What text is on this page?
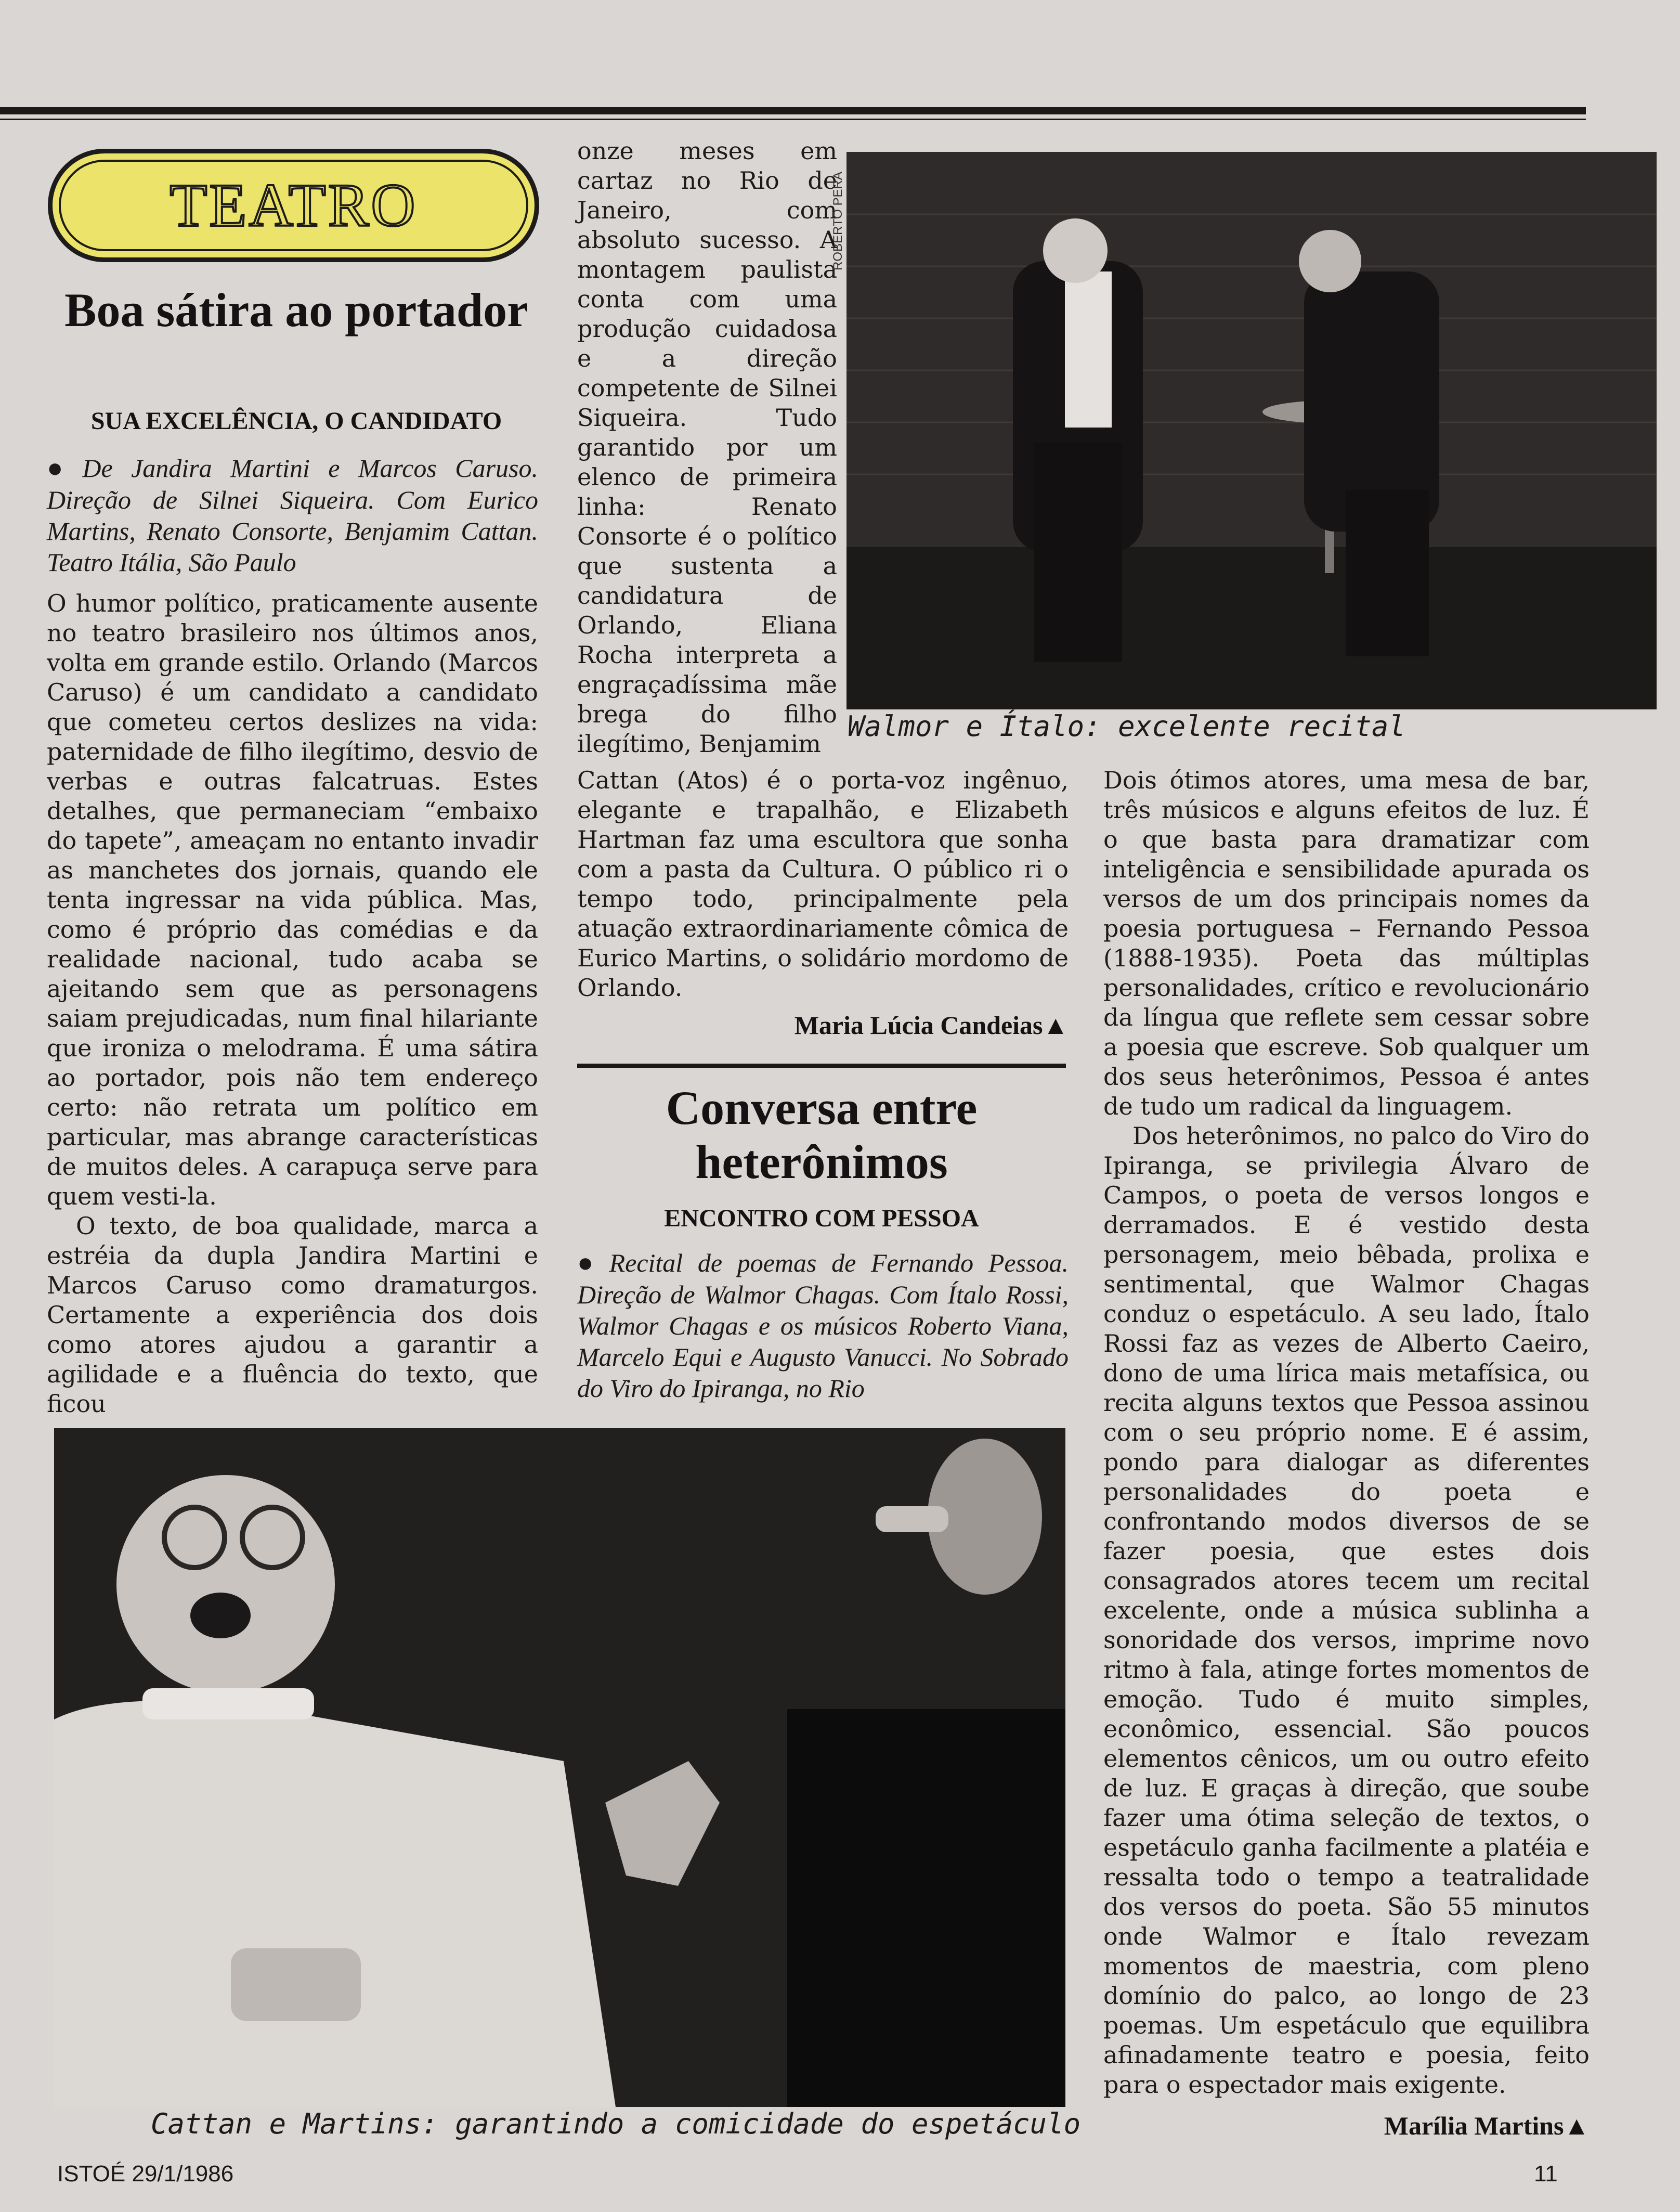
TEATRO
Boa sátira ao portador
SUA EXCELÊNCIA, O CANDIDATO
● De Jandira Martini e Marcos Caruso. Direção de Silnei Siqueira. Com Eurico Martins, Renato Consorte, Benjamim Cattan. Teatro Itália, São Paulo

O humor político, praticamente ausente no teatro brasileiro nos últimos anos, volta em grande estilo. Orlando (Marcos Caruso) é um candidato a candidato que cometeu certos deslizes na vida: paternidade de filho ilegítimo, desvio de verbas e outras falcatruas. Estes detalhes, que permaneciam “embaixo do tapete”, ameaçam no entanto invadir as manchetes dos jornais, quando ele tenta ingressar na vida pública. Mas, como é próprio das comédias e da realidade nacional, tudo acaba se ajeitando sem que as personagens saiam prejudicadas, num final hilariante que ironiza o melodrama. É uma sátira ao portador, pois não tem endereço certo: não retrata um político em particular, mas abrange características de muitos deles. A carapuça serve para quem vesti-la.

O texto, de boa qualidade, marca a estréia da dupla Jandira Martini e Marcos Caruso como dramaturgos. Certamente a experiência dos dois como atores ajudou a garantir a agilidade e a fluência do texto, que ficou

onze meses em cartaz no Rio de Janeiro, com absoluto sucesso. A montagem paulista conta com uma produção cuidadosa e a direção competente de Silnei Siqueira. Tudo garantido por um elenco de primeira linha: Renato Consorte é o político que sustenta a candidatura de Orlando, Eliana Rocha interpreta a engraçadíssima mãe brega do filho ilegítimo, Benjamim

Cattan (Atos) é o porta-voz ingênuo, elegante e trapalhão, e Elizabeth Hartman faz uma escultora que sonha com a pasta da Cultura. O público ri o tempo todo, principalmente pela atuação extraordinariamente cômica de Eurico Martins, o solidário mordomo de Orlando.

Maria Lúcia Candeias▲
ROBERTO PERA
Walmor e Ítalo: excelente recital
Conversa entre heterônimos
ENCONTRO COM PESSOA
● Recital de poemas de Fernando Pessoa. Direção de Walmor Chagas. Com Ítalo Rossi, Walmor Chagas e os músicos Roberto Viana, Marcelo Equi e Augusto Vanucci. No Sobrado do Viro do Ipiranga, no Rio

Dois ótimos atores, uma mesa de bar, três músicos e alguns efeitos de luz. É o que basta para dramatizar com inteligência e sensibilidade apurada os versos de um dos principais nomes da poesia portuguesa – Fernando Pessoa (1888-1935). Poeta das múltiplas personalidades, crítico e revolucionário da língua que reflete sem cessar sobre a poesia que escreve. Sob qualquer um dos seus heterônimos, Pessoa é antes de tudo um radical da linguagem.

Dos heterônimos, no palco do Viro do Ipiranga, se privilegia Álvaro de Campos, o poeta de versos longos e derramados. E é vestido desta personagem, meio bêbada, prolixa e sentimental, que Walmor Chagas conduz o espetáculo. A seu lado, Ítalo Rossi faz as vezes de Alberto Caeiro, dono de uma lírica mais metafísica, ou recita alguns textos que Pessoa assinou com o seu próprio nome. E é assim, pondo para dialogar as diferentes personalidades do poeta e confrontando modos diversos de se fazer poesia, que estes dois consagrados atores tecem um recital excelente, onde a música sublinha a sonoridade dos versos, imprime novo ritmo à fala, atinge fortes momentos de emoção. Tudo é muito simples, econômico, essencial. São poucos elementos cênicos, um ou outro efeito de luz. E graças à direção, que soube fazer uma ótima seleção de textos, o espetáculo ganha facilmente a platéia e ressalta todo o tempo a teatralidade dos versos do poeta. São 55 minutos onde Walmor e Ítalo revezam momentos de maestria, com pleno domínio do palco, ao longo de 23 poemas. Um espetáculo que equilibra afinadamente teatro e poesia, feito para o espectador mais exigente.

Marília Martins▲
Cattan e Martins: garantindo a comicidade do espetáculo
ISTOÉ 29/1/1986	11
